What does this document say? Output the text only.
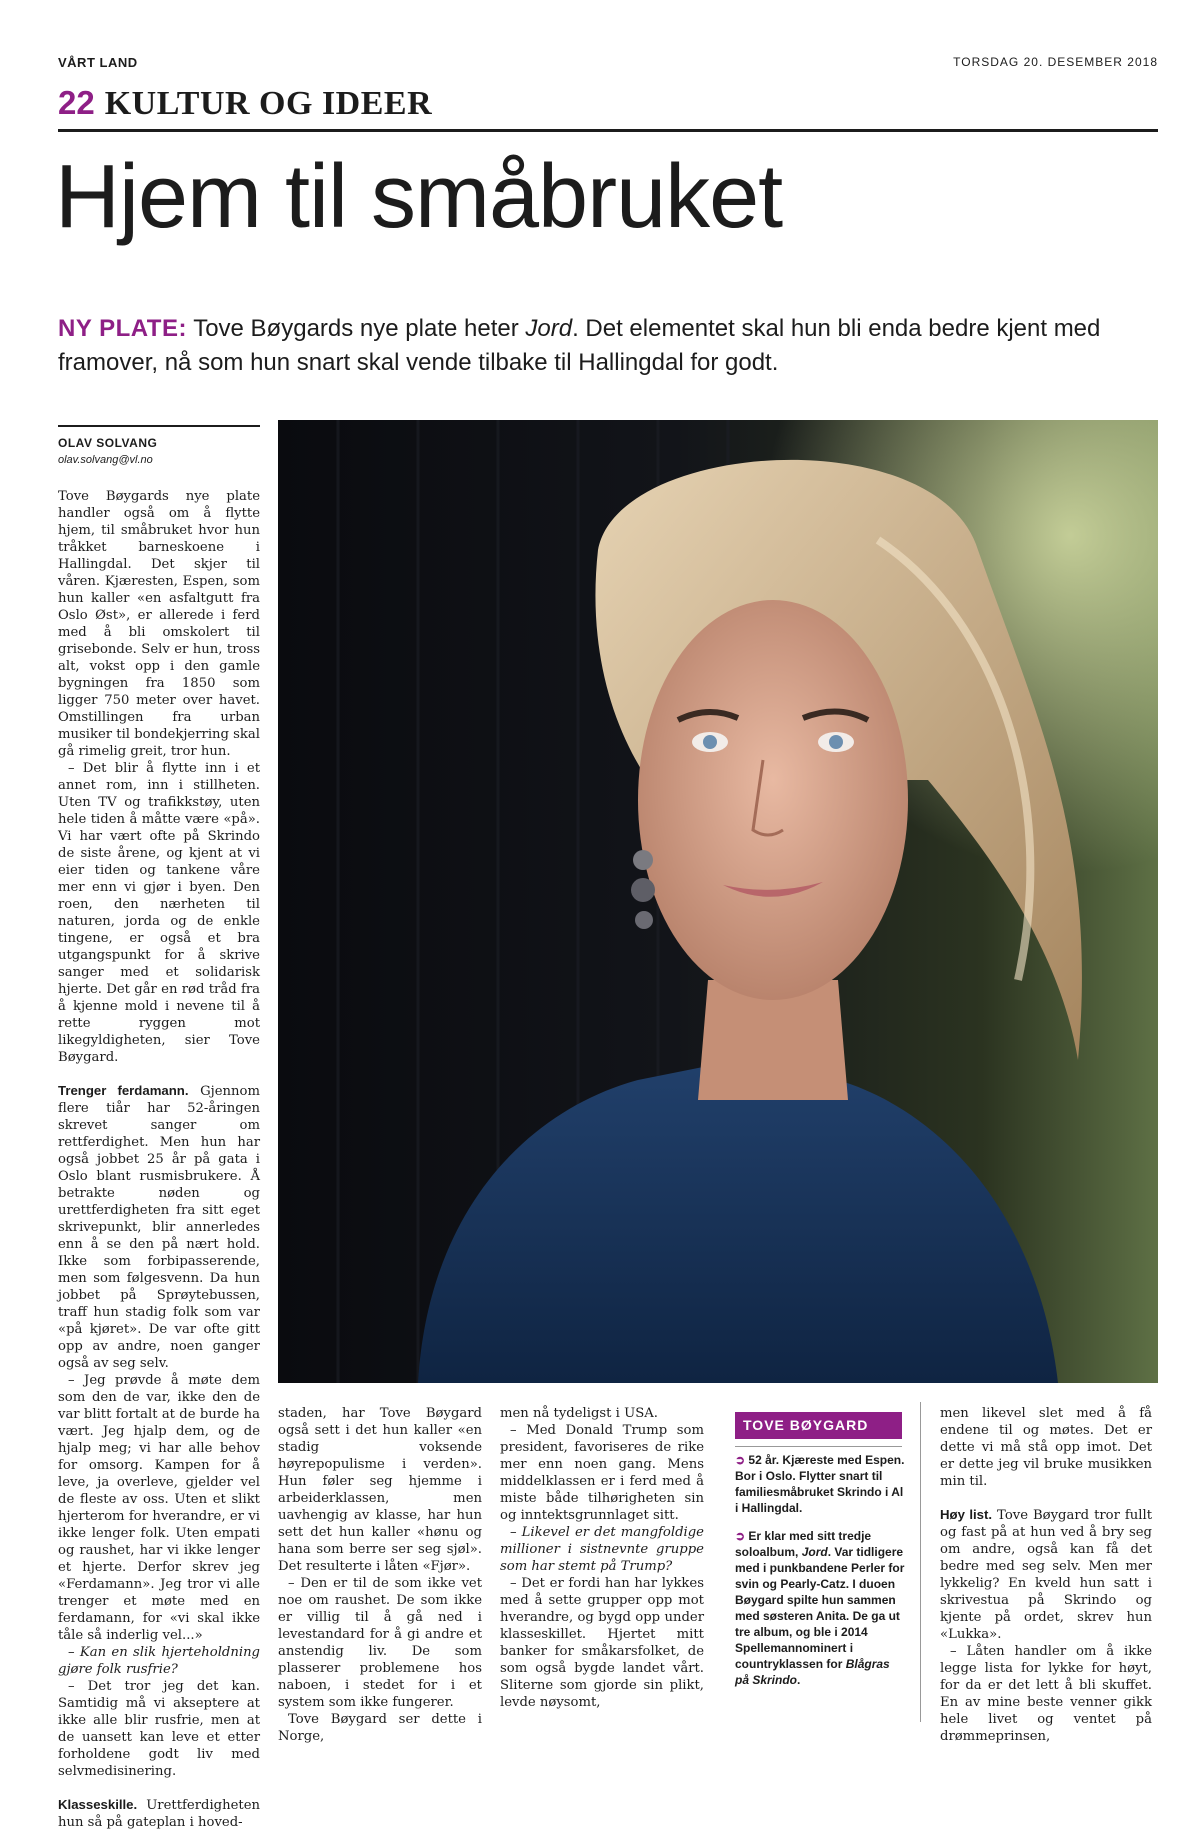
VÅRT LAND	TORSDAG 20. DESEMBER 2018
22 KULTUR OG IDEER
Hjem til småbruket
NY PLATE: Tove Bøygards nye plate heter Jord. Det elementet skal hun bli enda bedre kjent med framover, nå som hun snart skal vende tilbake til Hallingdal for godt.
OLAV SOLVANG
olav.solvang@vl.no

Tove Bøygards nye plate handler også om å flytte hjem, til småbruket hvor hun tråkket barneskoene i Hallingdal. Det skjer til våren. Kjæresten, Espen, som hun kaller «en asfaltgutt fra Oslo Øst», er allerede i ferd med å bli omskolert til grisebonde. Selv er hun, tross alt, vokst opp i den gamle bygningen fra 1850 som ligger 750 meter over havet. Omstillingen fra urban musiker til bondekjerring skal gå rimelig greit, tror hun.

– Det blir å flytte inn i et annet rom, inn i stillheten. Uten TV og trafikkstøy, uten hele tiden å måtte være «på». Vi har vært ofte på Skrindo de siste årene, og kjent at vi eier tiden og tankene våre mer enn vi gjør i byen. Den roen, den nærheten til naturen, jorda og de enkle tingene, er også et bra utgangspunkt for å skrive sanger med et solidarisk hjerte. Det går en rød tråd fra å kjenne mold i nevene til å rette ryggen mot likegyldigheten, sier Tove Bøygard.

Trenger ferdamann. Gjennom flere tiår har 52-åringen skrevet sanger om rettferdighet. Men hun har også jobbet 25 år på gata i Oslo blant rusmisbrukere. Å betrakte nøden og urettferdigheten fra sitt eget skrivepunkt, blir annerledes enn å se den på nært hold. Ikke som forbipasserende, men som følgesvenn. Da hun jobbet på Sprøytebussen, traff hun stadig folk som var «på kjøret». De var ofte gitt opp av andre, noen ganger også av seg selv.

– Jeg prøvde å møte dem som den de var, ikke den de var blitt fortalt at de burde ha vært. Jeg hjalp dem, og de hjalp meg; vi har alle behov for omsorg. Kampen for å leve, ja overleve, gjelder vel de fleste av oss. Uten et slikt hjerterom for hverandre, er vi ikke lenger folk. Uten empati og raushet, har vi ikke lenger et hjerte. Derfor skrev jeg «Ferdamann». Jeg tror vi alle trenger et møte med en ferdamann, for «vi skal ikke tåle så inderlig vel...»

– Kan en slik hjerteholdning gjøre folk rusfrie?

– Det tror jeg det kan. Samtidig må vi akseptere at ikke alle blir rusfrie, men at de uansett kan leve et etter forholdene godt liv med selvmedisinering.

Klasseskille. Urettferdigheten hun så på gateplan i hoved-

staden, har Tove Bøygard også sett i det hun kaller «en stadig voksende høyrepopulisme i verden». Hun føler seg hjemme i arbeiderklassen, men uavhengig av klasse, har hun sett det hun kaller «hønu og hana som berre ser seg sjøl». Det resulterte i låten «Fjør».

– Den er til de som ikke vet noe om raushet. De som ikke er villig til å gå ned i levestandard for å gi andre et anstendig liv. De som plasserer problemene hos naboen, i stedet for i et system som ikke fungerer.

Tove Bøygard ser dette i Norge,

men nå tydeligst i USA.

– Med Donald Trump som president, favoriseres de rike mer enn noen gang. Mens middelklassen er i ferd med å miste både tilhørigheten sin og inntektsgrunnlaget sitt.

– Likevel er det mangfoldige millioner i sistnevnte gruppe som har stemt på Trump?

– Det er fordi han har lykkes med å sette grupper opp mot hverandre, og bygd opp under klasseskillet. Hjertet mitt banker for småkarsfolket, de som også bygde landet vårt. Sliterne som gjorde sin plikt, levde nøysomt,

TOVE BØYGARD

➲ 52 år. Kjæreste med Espen. Bor i Oslo. Flytter snart til familiesmåbruket Skrindo i Al i Hallingdal.

➲ Er klar med sitt tredje soloalbum, Jord. Var tidligere med i punkbandene Perler for svin og Pearly-Catz. I duoen Bøygard spilte hun sammen med søsteren Anita. De ga ut tre album, og ble i 2014 Spellemannominert i countryklassen for Blågras på Skrindo.

men likevel slet med å få endene til og møtes. Det er dette vi må stå opp imot. Det er dette jeg vil bruke musikken min til.

Høy list. Tove Bøygard tror fullt og fast på at hun ved å bry seg om andre, også kan få det bedre med seg selv. Men mer lykkelig? En kveld hun satt i skrivestua på Skrindo og kjente på ordet, skrev hun «Lukka».

– Låten handler om å ikke legge lista for lykke for høyt, for da er det lett å bli skuffet. En av mine beste venner gikk hele livet og ventet på drømmeprinsen,
